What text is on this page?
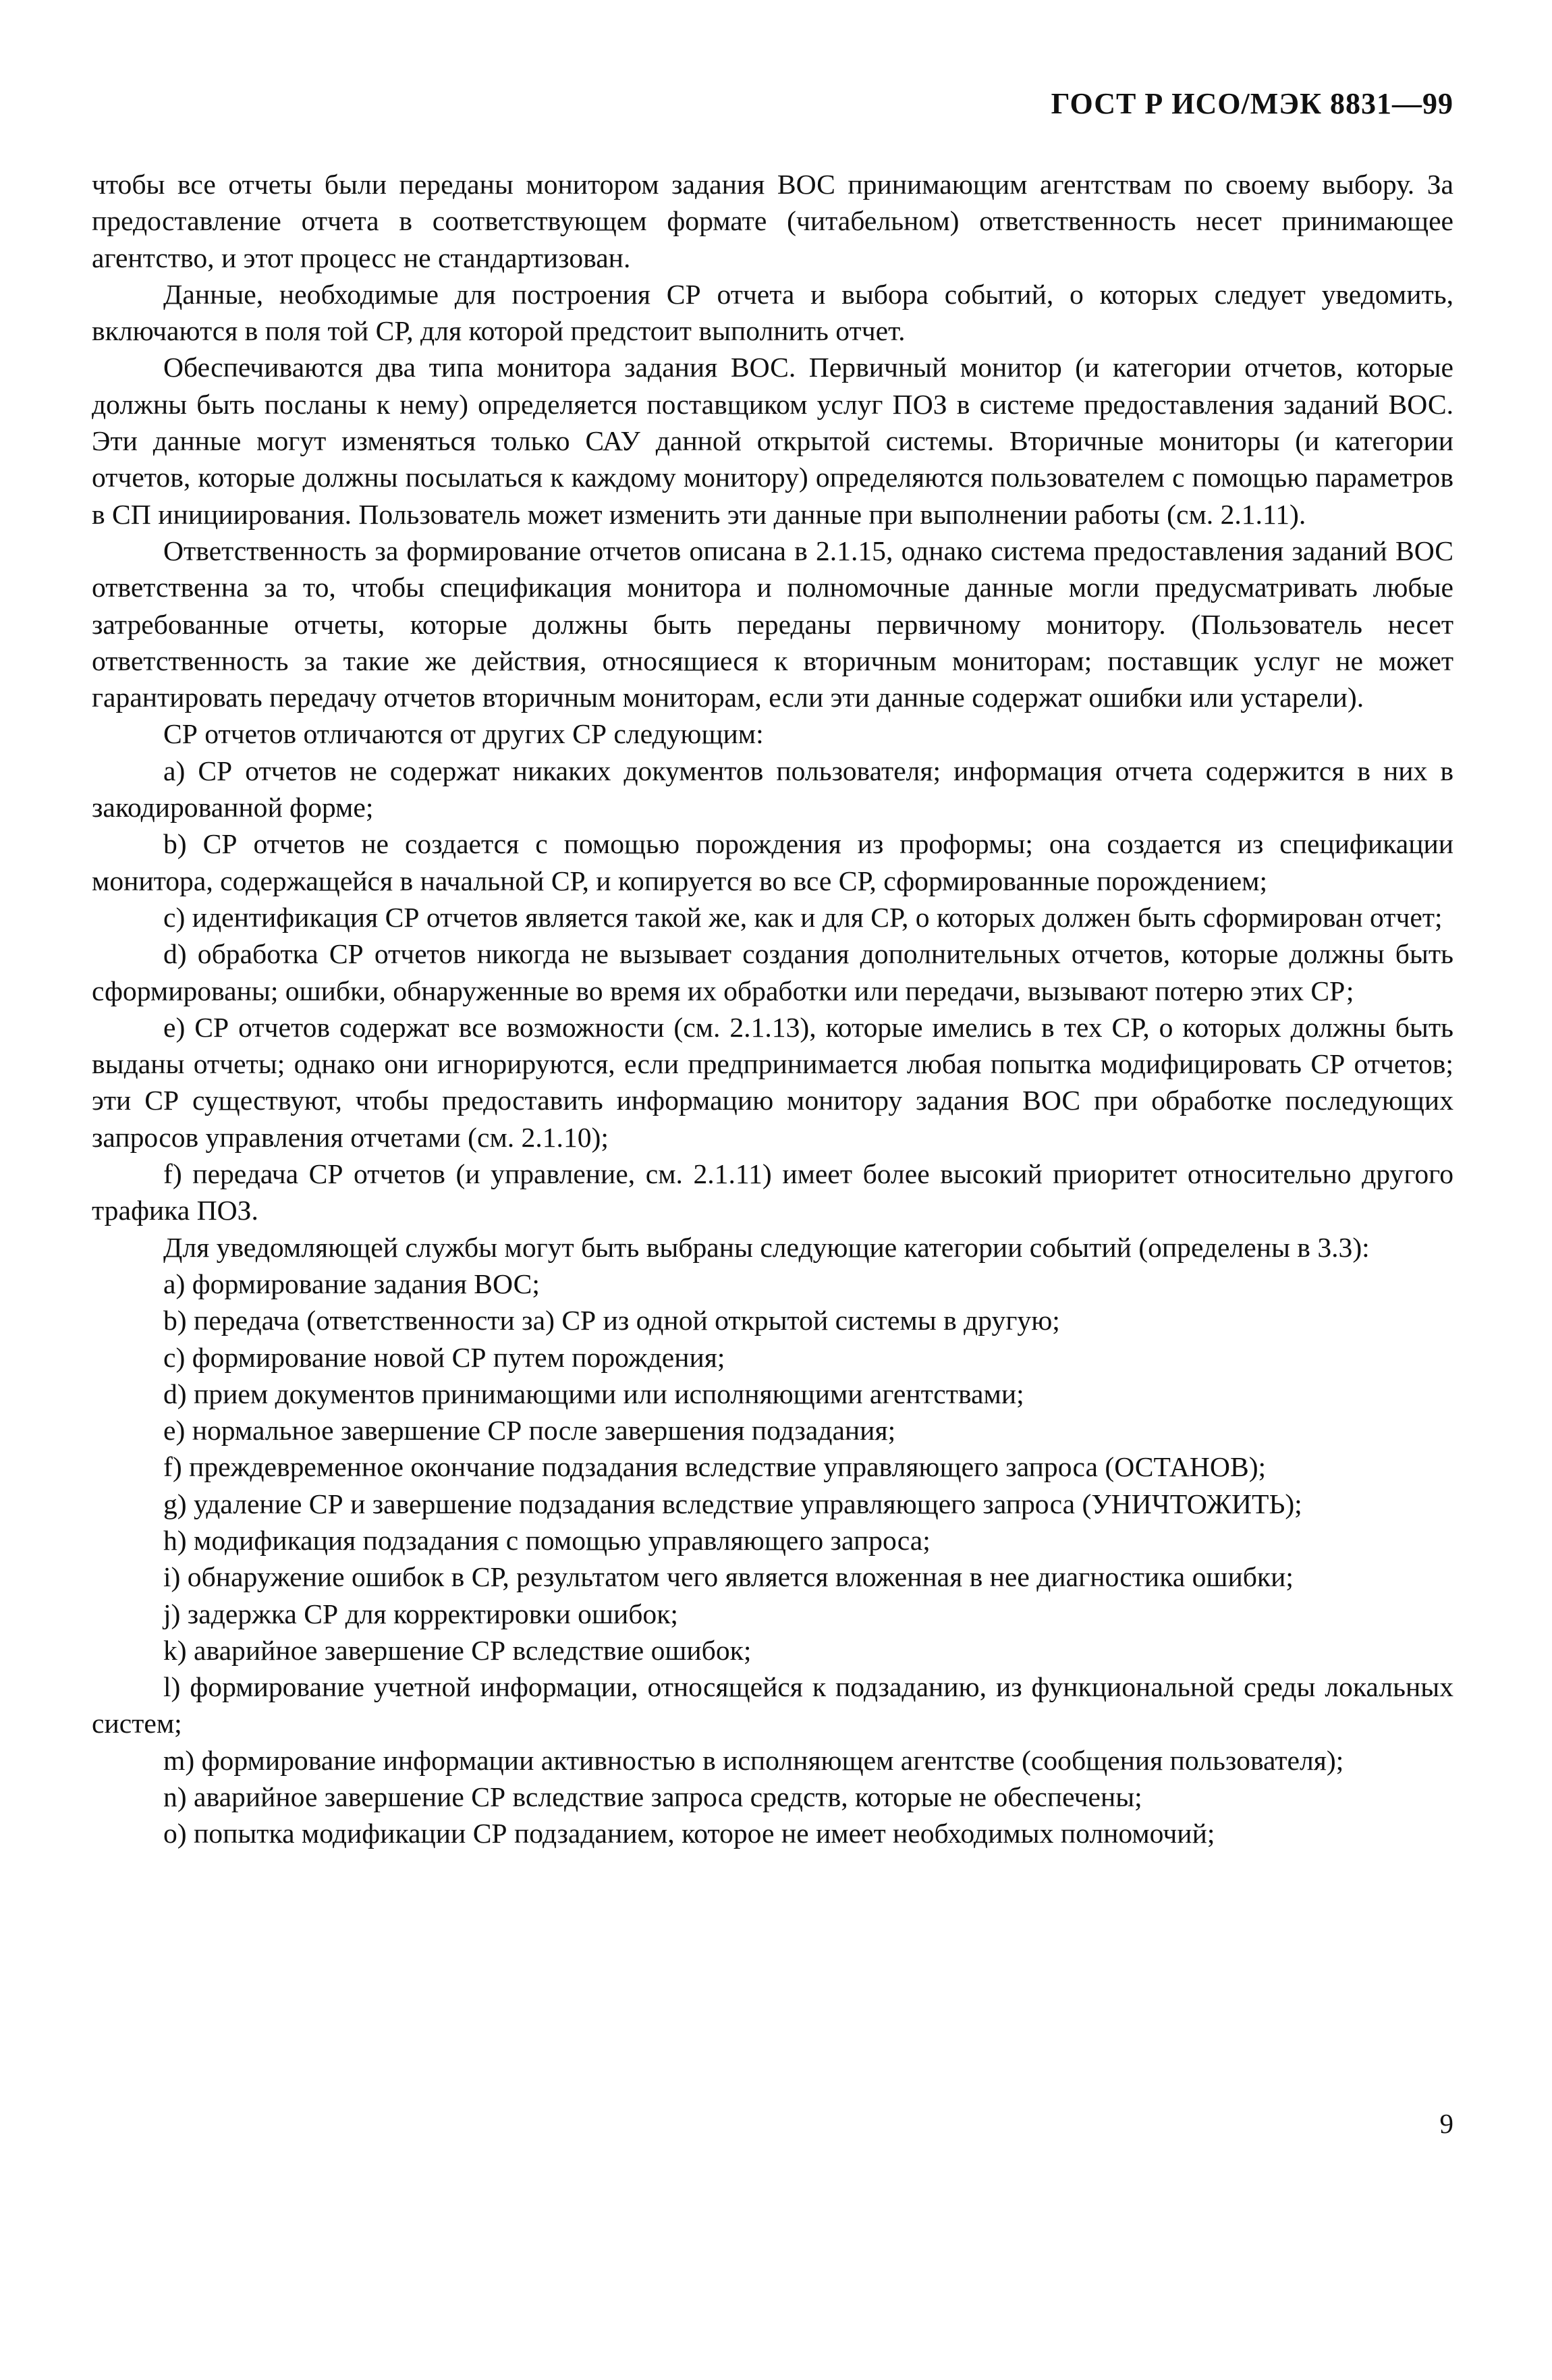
ГОСТ Р ИСО/МЭК 8831—99

чтобы все отчеты были переданы монитором задания ВОС принимающим агентствам по своему выбору. За предоставление отчета в соответствующем формате (читабельном) ответственность несет принимающее агентство, и этот процесс не стандартизован.

Данные, необходимые для построения СР отчета и выбора событий, о которых следует уведомить, включаются в поля той СР, для которой предстоит выполнить отчет.

Обеспечиваются два типа монитора задания ВОС. Первичный монитор (и категории отчетов, которые должны быть посланы к нему) определяется поставщиком услуг ПОЗ в системе предоставления заданий ВОС. Эти данные могут изменяться только САУ данной открытой системы. Вторичные мониторы (и категории отчетов, которые должны посылаться к каждому монитору) определяются пользователем с помощью параметров в СП инициирования. Пользователь может изменить эти данные при выполнении работы (см. 2.1.11).

Ответственность за формирование отчетов описана в 2.1.15, однако система предоставления заданий ВОС ответственна за то, чтобы спецификация монитора и полномочные данные могли предусматривать любые затребованные отчеты, которые должны быть переданы первичному монитору. (Пользователь несет ответственность за такие же действия, относящиеся к вторичным мониторам; поставщик услуг не может гарантировать передачу отчетов вторичным мониторам, если эти данные содержат ошибки или устарели).

СР отчетов отличаются от других СР следующим:

а) СР отчетов не содержат никаких документов пользователя; информация отчета содержится в них в закодированной форме;

b) СР отчетов не создается с помощью порождения из проформы; она создается из спецификации монитора, содержащейся в начальной СР, и копируется во все СР, сформированные порождением;

с) идентификация СР отчетов является такой же, как и для СР, о которых должен быть сформирован отчет;

d) обработка СР отчетов никогда не вызывает создания дополнительных отчетов, которые должны быть сформированы; ошибки, обнаруженные во время их обработки или передачи, вызывают потерю этих СР;

е) СР отчетов содержат все возможности (см. 2.1.13), которые имелись в тех СР, о которых должны быть выданы отчеты; однако они игнорируются, если предпринимается любая попытка модифицировать СР отчетов; эти СР существуют, чтобы предоставить информацию монитору задания ВОС при обработке последующих запросов управления отчетами (см. 2.1.10);

f) передача СР отчетов (и управление, см. 2.1.11) имеет более высокий приоритет относительно другого трафика ПОЗ.

Для уведомляющей службы могут быть выбраны следующие категории событий (определены в 3.3):

а) формирование задания ВОС;

b) передача (ответственности за) СР из одной открытой системы в другую;

с) формирование новой СР путем порождения;

d) прием документов принимающими или исполняющими агентствами;

е) нормальное завершение СР после завершения подзадания;

f) преждевременное окончание подзадания вследствие управляющего запроса (ОСТАНОВ);

g) удаление СР и завершение подзадания вследствие управляющего запроса (УНИЧТОЖИТЬ);

h) модификация подзадания с помощью управляющего запроса;

i) обнаружение ошибок в СР, результатом чего является вложенная в нее диагностика ошибки;

j) задержка СР для корректировки ошибок;

k) аварийное завершение СР вследствие ошибок;

l) формирование учетной информации, относящейся к подзаданию, из функциональной среды локальных систем;

m) формирование информации активностью в исполняющем агентстве (сообщения пользователя);

n) аварийное завершение СР вследствие запроса средств, которые не обеспечены;

о) попытка модификации СР подзаданием, которое не имеет необходимых полномочий;

9
